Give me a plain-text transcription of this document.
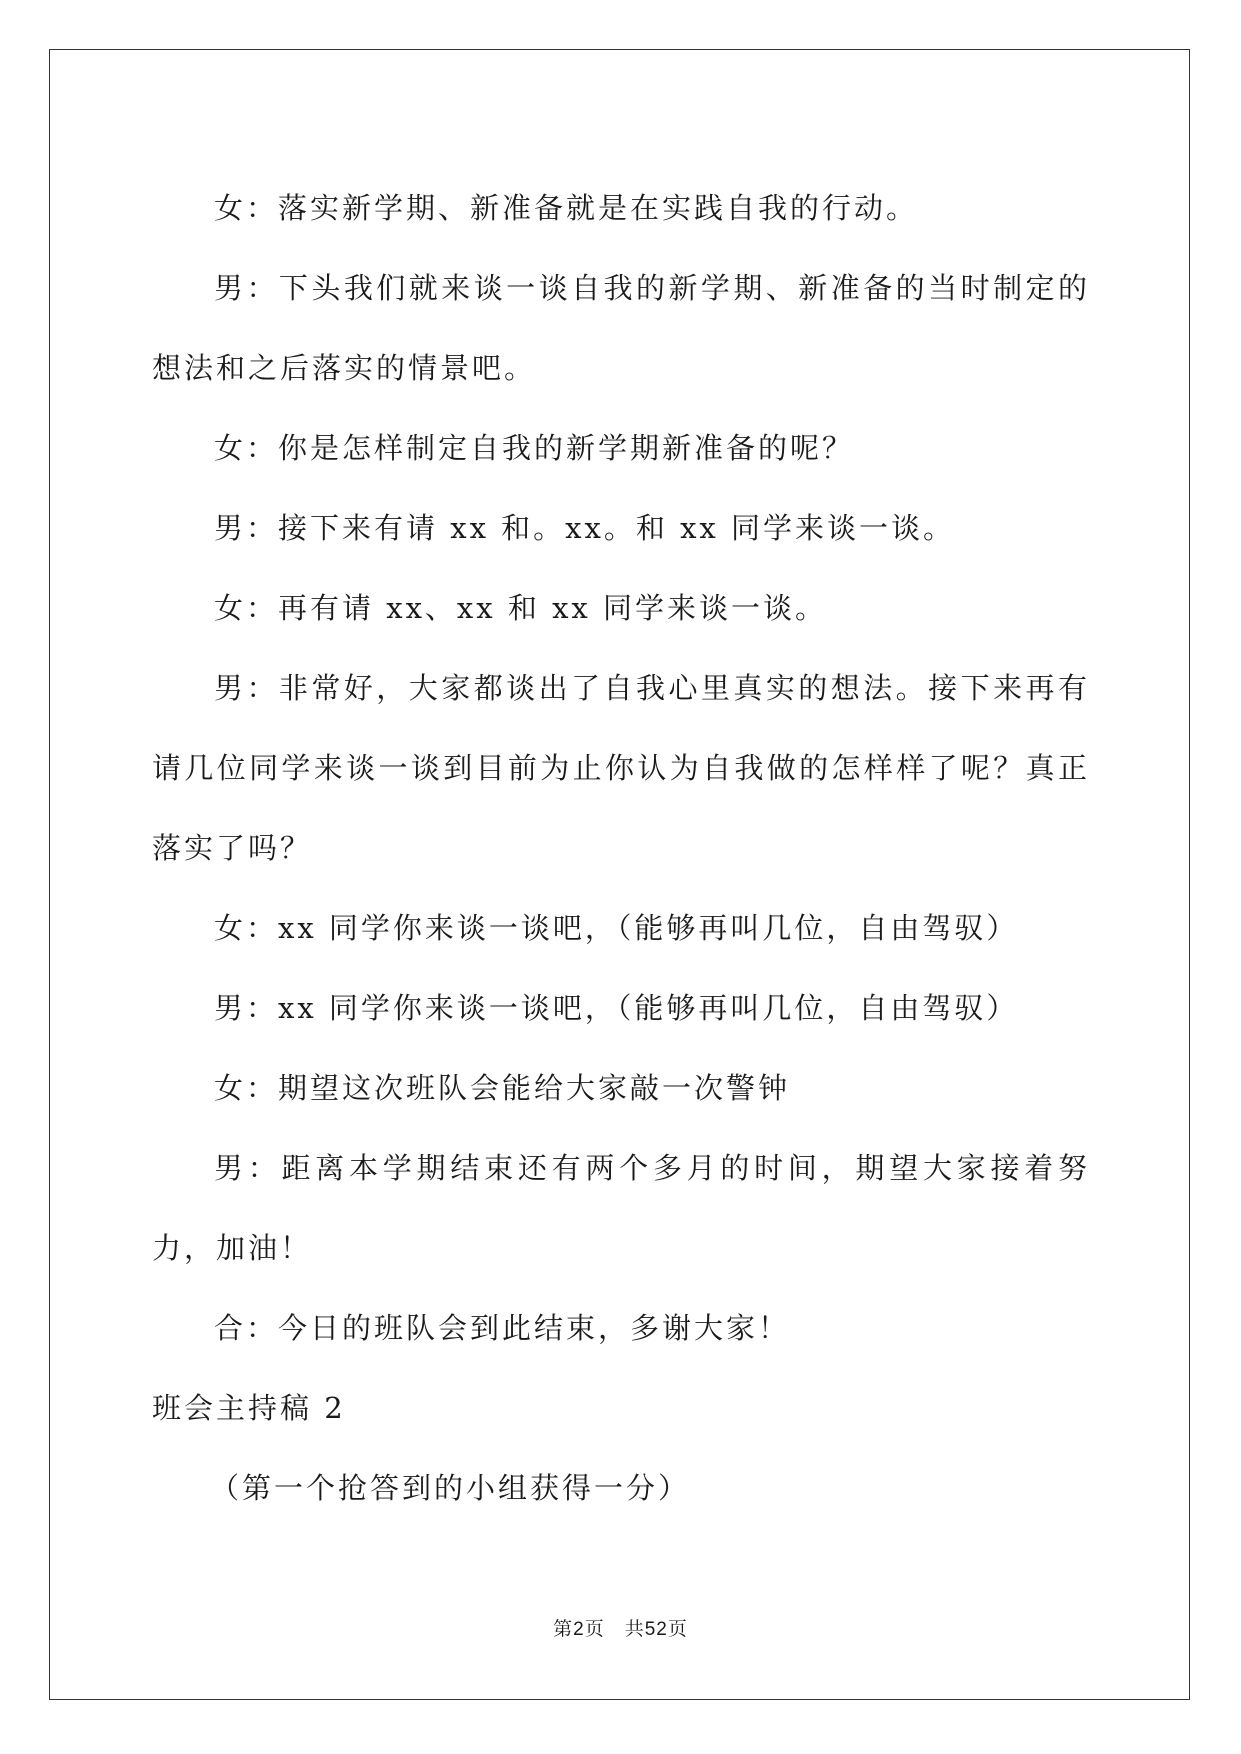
女：落实新学期、新准备就是在实践自我的行动。

男：下头我们就来谈一谈自我的新学期、新准备的当时制定的想法和之后落实的情景吧。

女：你是怎样制定自我的新学期新准备的呢？

男：接下来有请 xx 和。xx。和 xx 同学来谈一谈。

女：再有请 xx、xx 和 xx 同学来谈一谈。

男：非常好，大家都谈出了自我心里真实的想法。接下来再有请几位同学来谈一谈到目前为止你认为自我做的怎样样了呢？真正落实了吗？

女：xx 同学你来谈一谈吧，（能够再叫几位，自由驾驭）

男：xx 同学你来谈一谈吧，（能够再叫几位，自由驾驭）

女：期望这次班队会能给大家敲一次警钟

男：距离本学期结束还有两个多月的时间，期望大家接着努力，加油！

合：今日的班队会到此结束，多谢大家！

班会主持稿 2

（第一个抢答到的小组获得一分）

第2页 共52页
